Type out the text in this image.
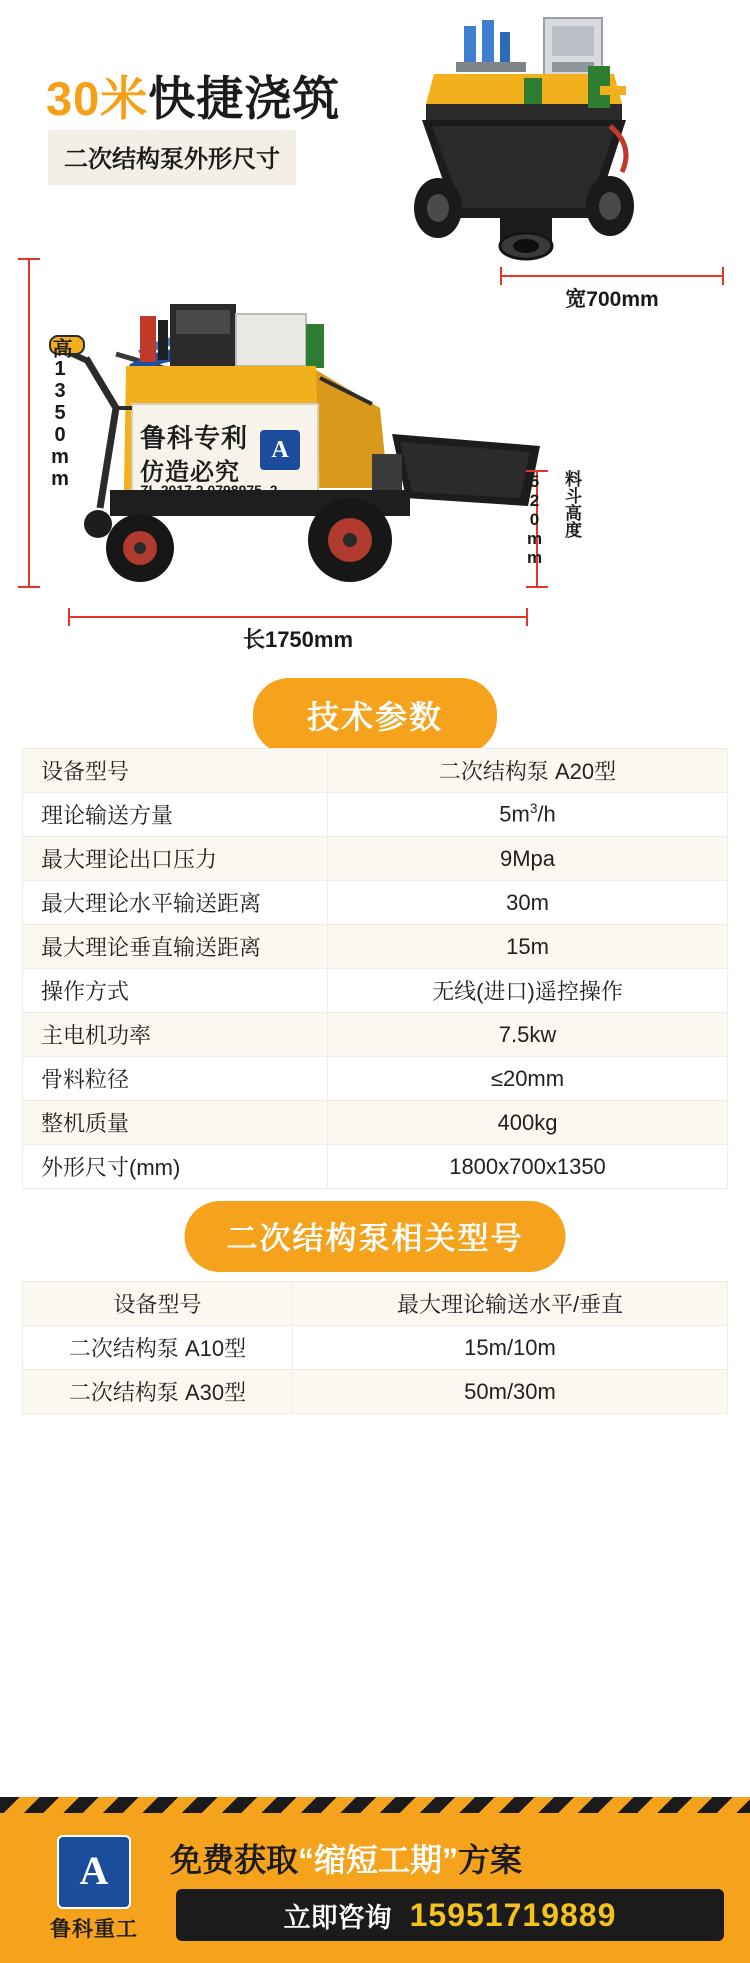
30米快捷浇筑
二次结构泵外形尺寸
宽700mm
鲁科专利
仿造必究
ZL 2017 2 0798975. 2
A
高1350mm
520mm	料斗高度
长1750mm
技术参数
设备型号	二次结构泵 A20型
理论输送方量	$5m^3/h$
最大理论出口压力	9Mpa
最大理论水平输送距离	30m
最大理论垂直输送距离	15m
操作方式	无线(进口)遥控操作
主电机功率	7.5kw
骨料粒径	≤20mm
整机质量	400kg
外形尺寸(mm)	1800x700x1350
二次结构泵相关型号
设备型号	最大理论输送水平/垂直
二次结构泵 A10型	15m/10m
二次结构泵 A30型	50m/30m
A
鲁科重工
免费获取“缩短工期”方案
立即咨询 15951719889
